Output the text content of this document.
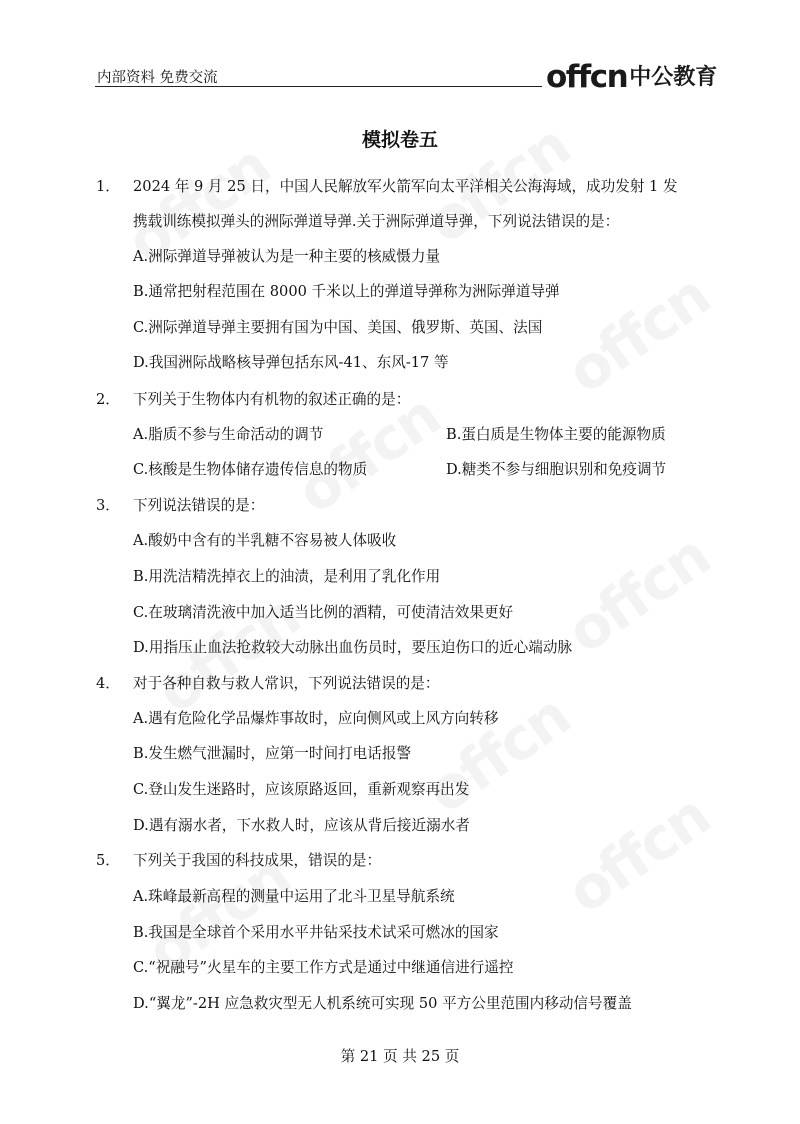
内部资料 免费交流	offcn 中公教育
模拟卷五
1． 2024 年 9 月 25 日，中国人民解放军火箭军向太平洋相关公海海域，成功发射 1 发
携载训练模拟弹头的洲际弹道导弹.关于洲际弹道导弹，下列说法错误的是：
A.洲际弹道导弹被认为是一种主要的核威慑力量
B.通常把射程范围在 8000 千米以上的弹道导弹称为洲际弹道导弹
C.洲际弹道导弹主要拥有国为中国、美国、俄罗斯、英国、法国
D.我国洲际战略核导弹包括东风-41、东风-17 等
2． 下列关于生物体内有机物的叙述正确的是：
A.脂质不参与生命活动的调节	B.蛋白质是生物体主要的能源物质
C.核酸是生物体储存遗传信息的物质	D.糖类不参与细胞识别和免疫调节
3． 下列说法错误的是：
A.酸奶中含有的半乳糖不容易被人体吸收
B.用洗洁精洗掉衣上的油渍，是利用了乳化作用
C.在玻璃清洗液中加入适当比例的酒精，可使清洁效果更好
D.用指压止血法抢救较大动脉出血伤员时，要压迫伤口的近心端动脉
4． 对于各种自救与救人常识，下列说法错误的是：
A.遇有危险化学品爆炸事故时，应向侧风或上风方向转移
B.发生燃气泄漏时，应第一时间打电话报警
C.登山发生迷路时，应该原路返回，重新观察再出发
D.遇有溺水者，下水救人时，应该从背后接近溺水者
5． 下列关于我国的科技成果，错误的是：
A.珠峰最新高程的测量中运用了北斗卫星导航系统
B.我国是全球首个采用水平井钻采技术试采可燃冰的国家
C.“祝融号”火星车的主要工作方式是通过中继通信进行遥控
D.“翼龙”-2H 应急救灾型无人机系统可实现 50 平方公里范围内移动信号覆盖
第 21 页 共 25 页
